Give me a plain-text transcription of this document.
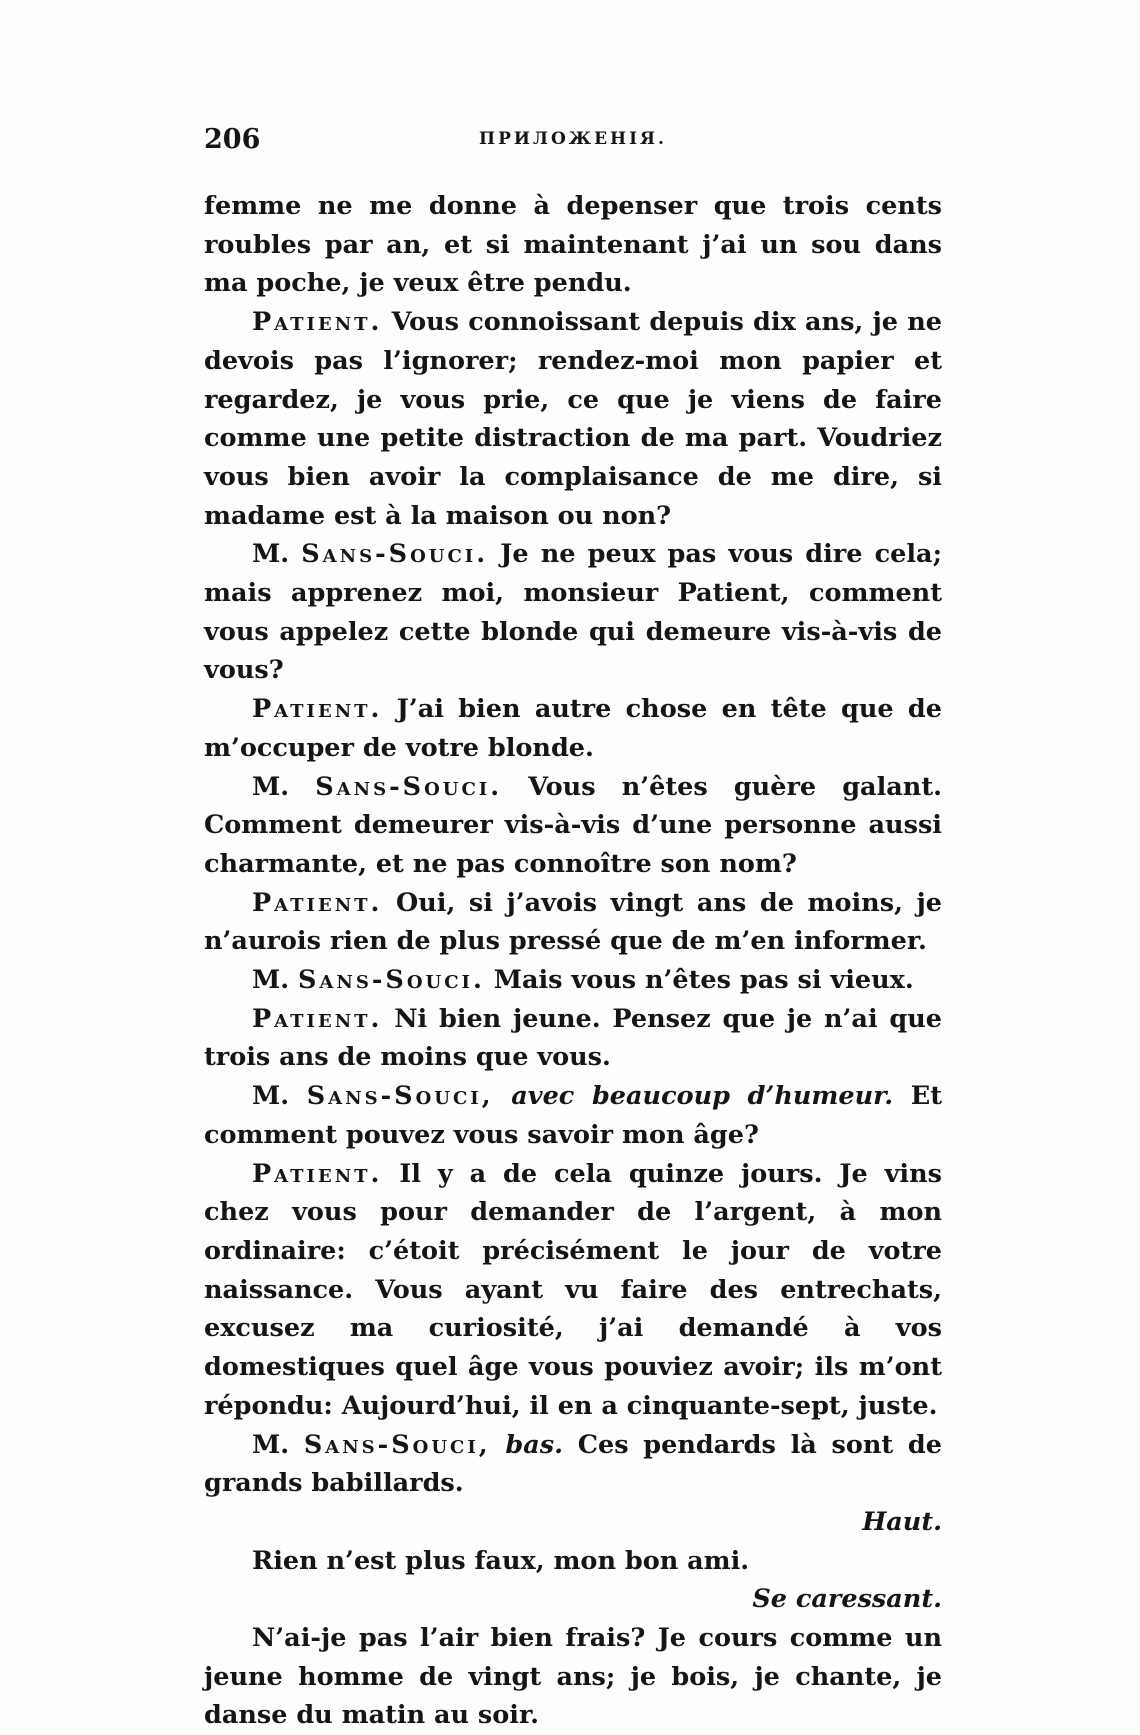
206	ПРИЛОЖЕНІЯ.

femme ne me donne à depenser que trois cents roubles par an, et si maintenant j’ai un sou dans ma poche, je veux être pendu.

Patient. Vous connoissant depuis dix ans, je ne devois pas l’ignorer; rendez-moi mon papier et regardez, je vous prie, ce que je viens de faire comme une petite distraction de ma part. Voudriez vous bien avoir la complaisance de me dire, si madame est à la maison ou non?

M. Sans-Souci. Je ne peux pas vous dire cela; mais apprenez moi, monsieur Patient, comment vous appelez cette blonde qui demeure vis-à-vis de vous?

Patient. J’ai bien autre chose en tête que de m’occuper de votre blonde.

M. Sans-Souci. Vous n’êtes guère galant. Comment demeurer vis-à-vis d’une personne aussi charmante, et ne pas connoître son nom?

Patient. Oui, si j’avois vingt ans de moins, je n’aurois rien de plus pressé que de m’en informer.

M. Sans-Souci. Mais vous n’êtes pas si vieux.

Patient. Ni bien jeune. Pensez que je n’ai que trois ans de moins que vous.

M. Sans-Souci, avec beaucoup d’humeur. Et comment pouvez vous savoir mon âge?

Patient. Il y a de cela quinze jours. Je vins chez vous pour demander de l’argent, à mon ordinaire: c’étoit précisément le jour de votre naissance. Vous ayant vu faire des entrechats, excusez ma curiosité, j’ai demandé à vos domestiques quel âge vous pouviez avoir; ils m’ont répondu: Aujourd’hui, il en a cinquante-sept, juste.

M. Sans-Souci, bas. Ces pendards là sont de grands babillards.

Haut.

Rien n’est plus faux, mon bon ami.

Se caressant.

N’ai-je pas l’air bien frais? Je cours comme un jeune homme de vingt ans; je bois, je chante, je danse du matin au soir.
